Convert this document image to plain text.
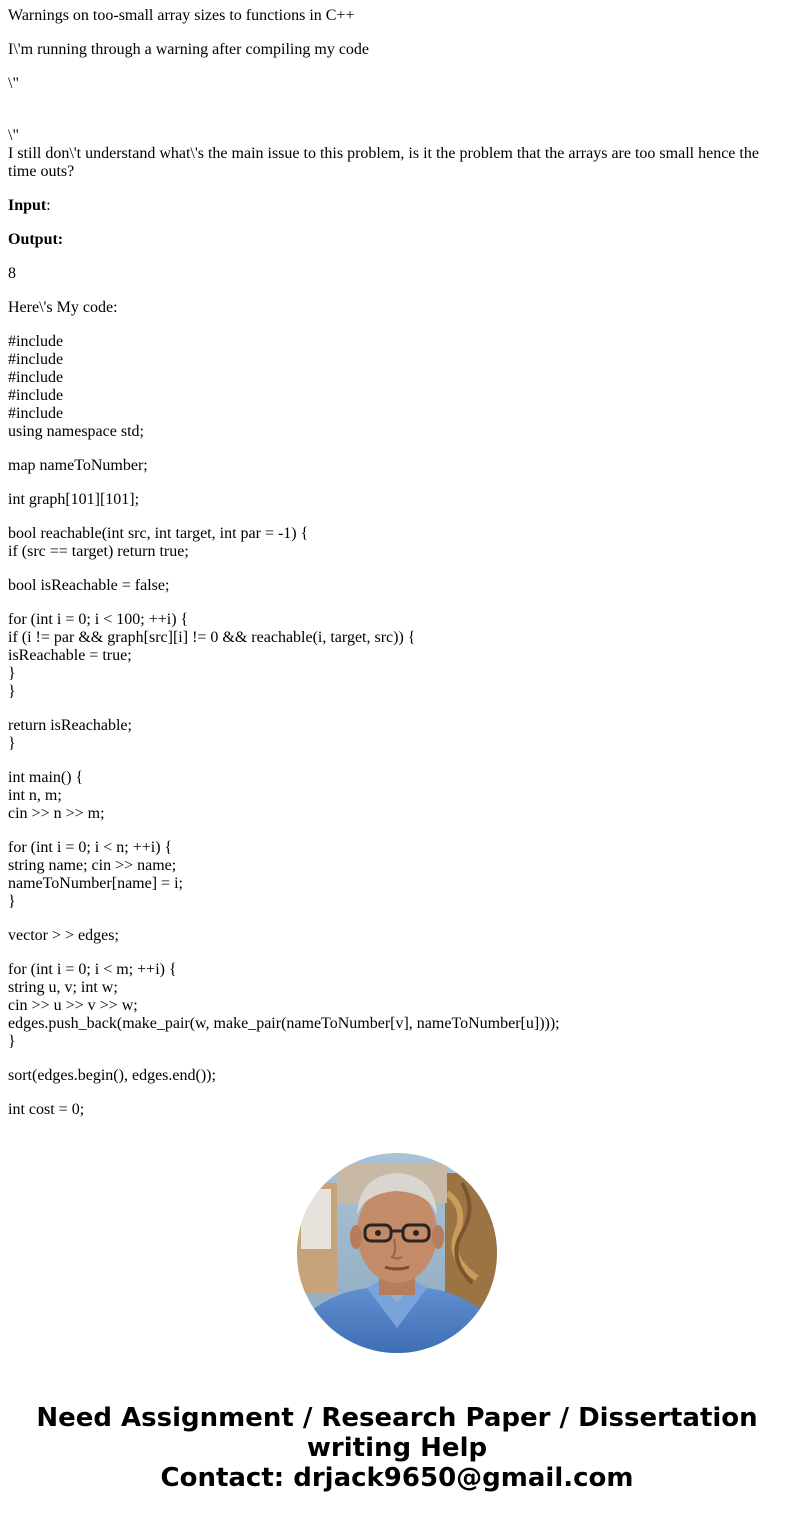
Warnings on too-small array sizes to functions in C++

I\'m running through a warning after compiling my code

\"

\"

I still don\'t understand what\'s the main issue to this problem, is it the problem that the arrays are too small hence the time outs?

Input:

Output:

8

Here\'s My code:

#include
#include
#include
#include
#include
using namespace std;
map nameToNumber;
int graph[101][101];
bool reachable(int src, int target, int par = -1) {
if (src == target) return true;
bool isReachable = false;
for (int i = 0; i < 100; ++i) {
if (i != par && graph[src][i] != 0 && reachable(i, target, src)) {
isReachable = true;
}
}
return isReachable;
}
int main() {
int n, m;
cin >> n >> m;
for (int i = 0; i < n; ++i) {
string name; cin >> name;
nameToNumber[name] = i;
}
vector > > edges;
for (int i = 0; i < m; ++i) {
string u, v; int w;
cin >> u >> v >> w;
edges.push_back(make_pair(w, make_pair(nameToNumber[v], nameToNumber[u])));
}
sort(edges.begin(), edges.end());
int cost = 0;
Need Assignment / Research Paper / Dissertation
writing Help
Contact: drjack9650@gmail.com
